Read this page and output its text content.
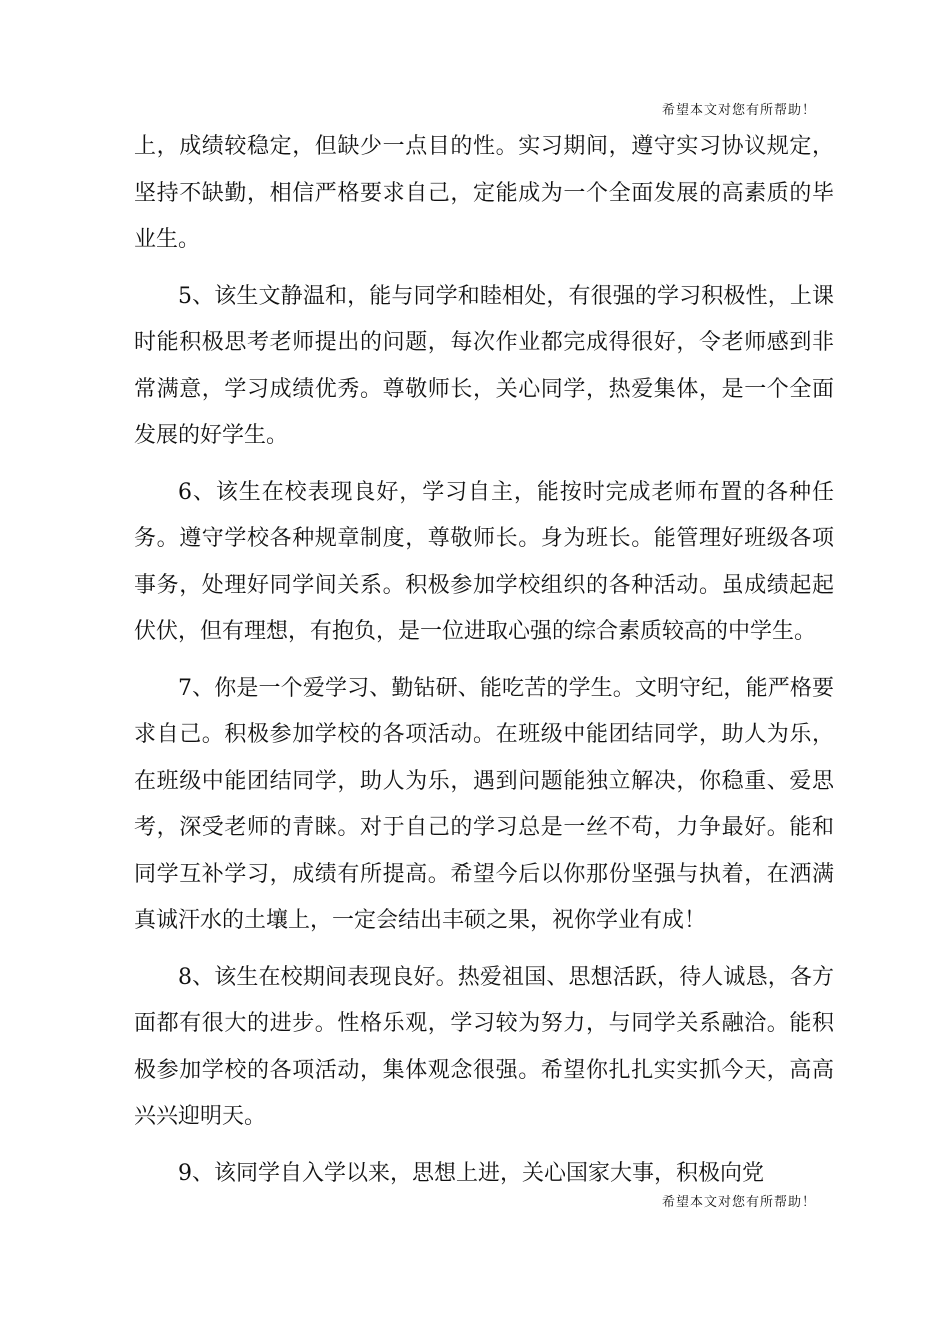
希望本文对您有所帮助！

上，成绩较稳定，但缺少一点目的性。实习期间，遵守实习协议规定，坚持不缺勤，相信严格要求自己，定能成为一个全面发展的高素质的毕业生。

5、该生文静温和，能与同学和睦相处，有很强的学习积极性，上课时能积极思考老师提出的问题，每次作业都完成得很好，令老师感到非常满意，学习成绩优秀。尊敬师长，关心同学，热爱集体，是一个全面发展的好学生。

6、该生在校表现良好，学习自主，能按时完成老师布置的各种任务。遵守学校各种规章制度，尊敬师长。身为班长。能管理好班级各项事务，处理好同学间关系。积极参加学校组织的各种活动。虽成绩起起伏伏，但有理想，有抱负，是一位进取心强的综合素质较高的中学生。

7、你是一个爱学习、勤钻研、能吃苦的学生。文明守纪，能严格要求自己。积极参加学校的各项活动。在班级中能团结同学，助人为乐，在班级中能团结同学，助人为乐，遇到问题能独立解决，你稳重、爱思考，深受老师的青睐。对于自己的学习总是一丝不苟，力争最好。能和同学互补学习，成绩有所提高。希望今后以你那份坚强与执着，在洒满真诚汗水的土壤上，一定会结出丰硕之果，祝你学业有成！

8、该生在校期间表现良好。热爱祖国、思想活跃，待人诚恳，各方面都有很大的进步。性格乐观，学习较为努力，与同学关系融洽。能积极参加学校的各项活动，集体观念很强。希望你扎扎实实抓今天，高高兴兴迎明天。

9、该同学自入学以来，思想上进，关心国家大事，积极向党

希望本文对您有所帮助！
